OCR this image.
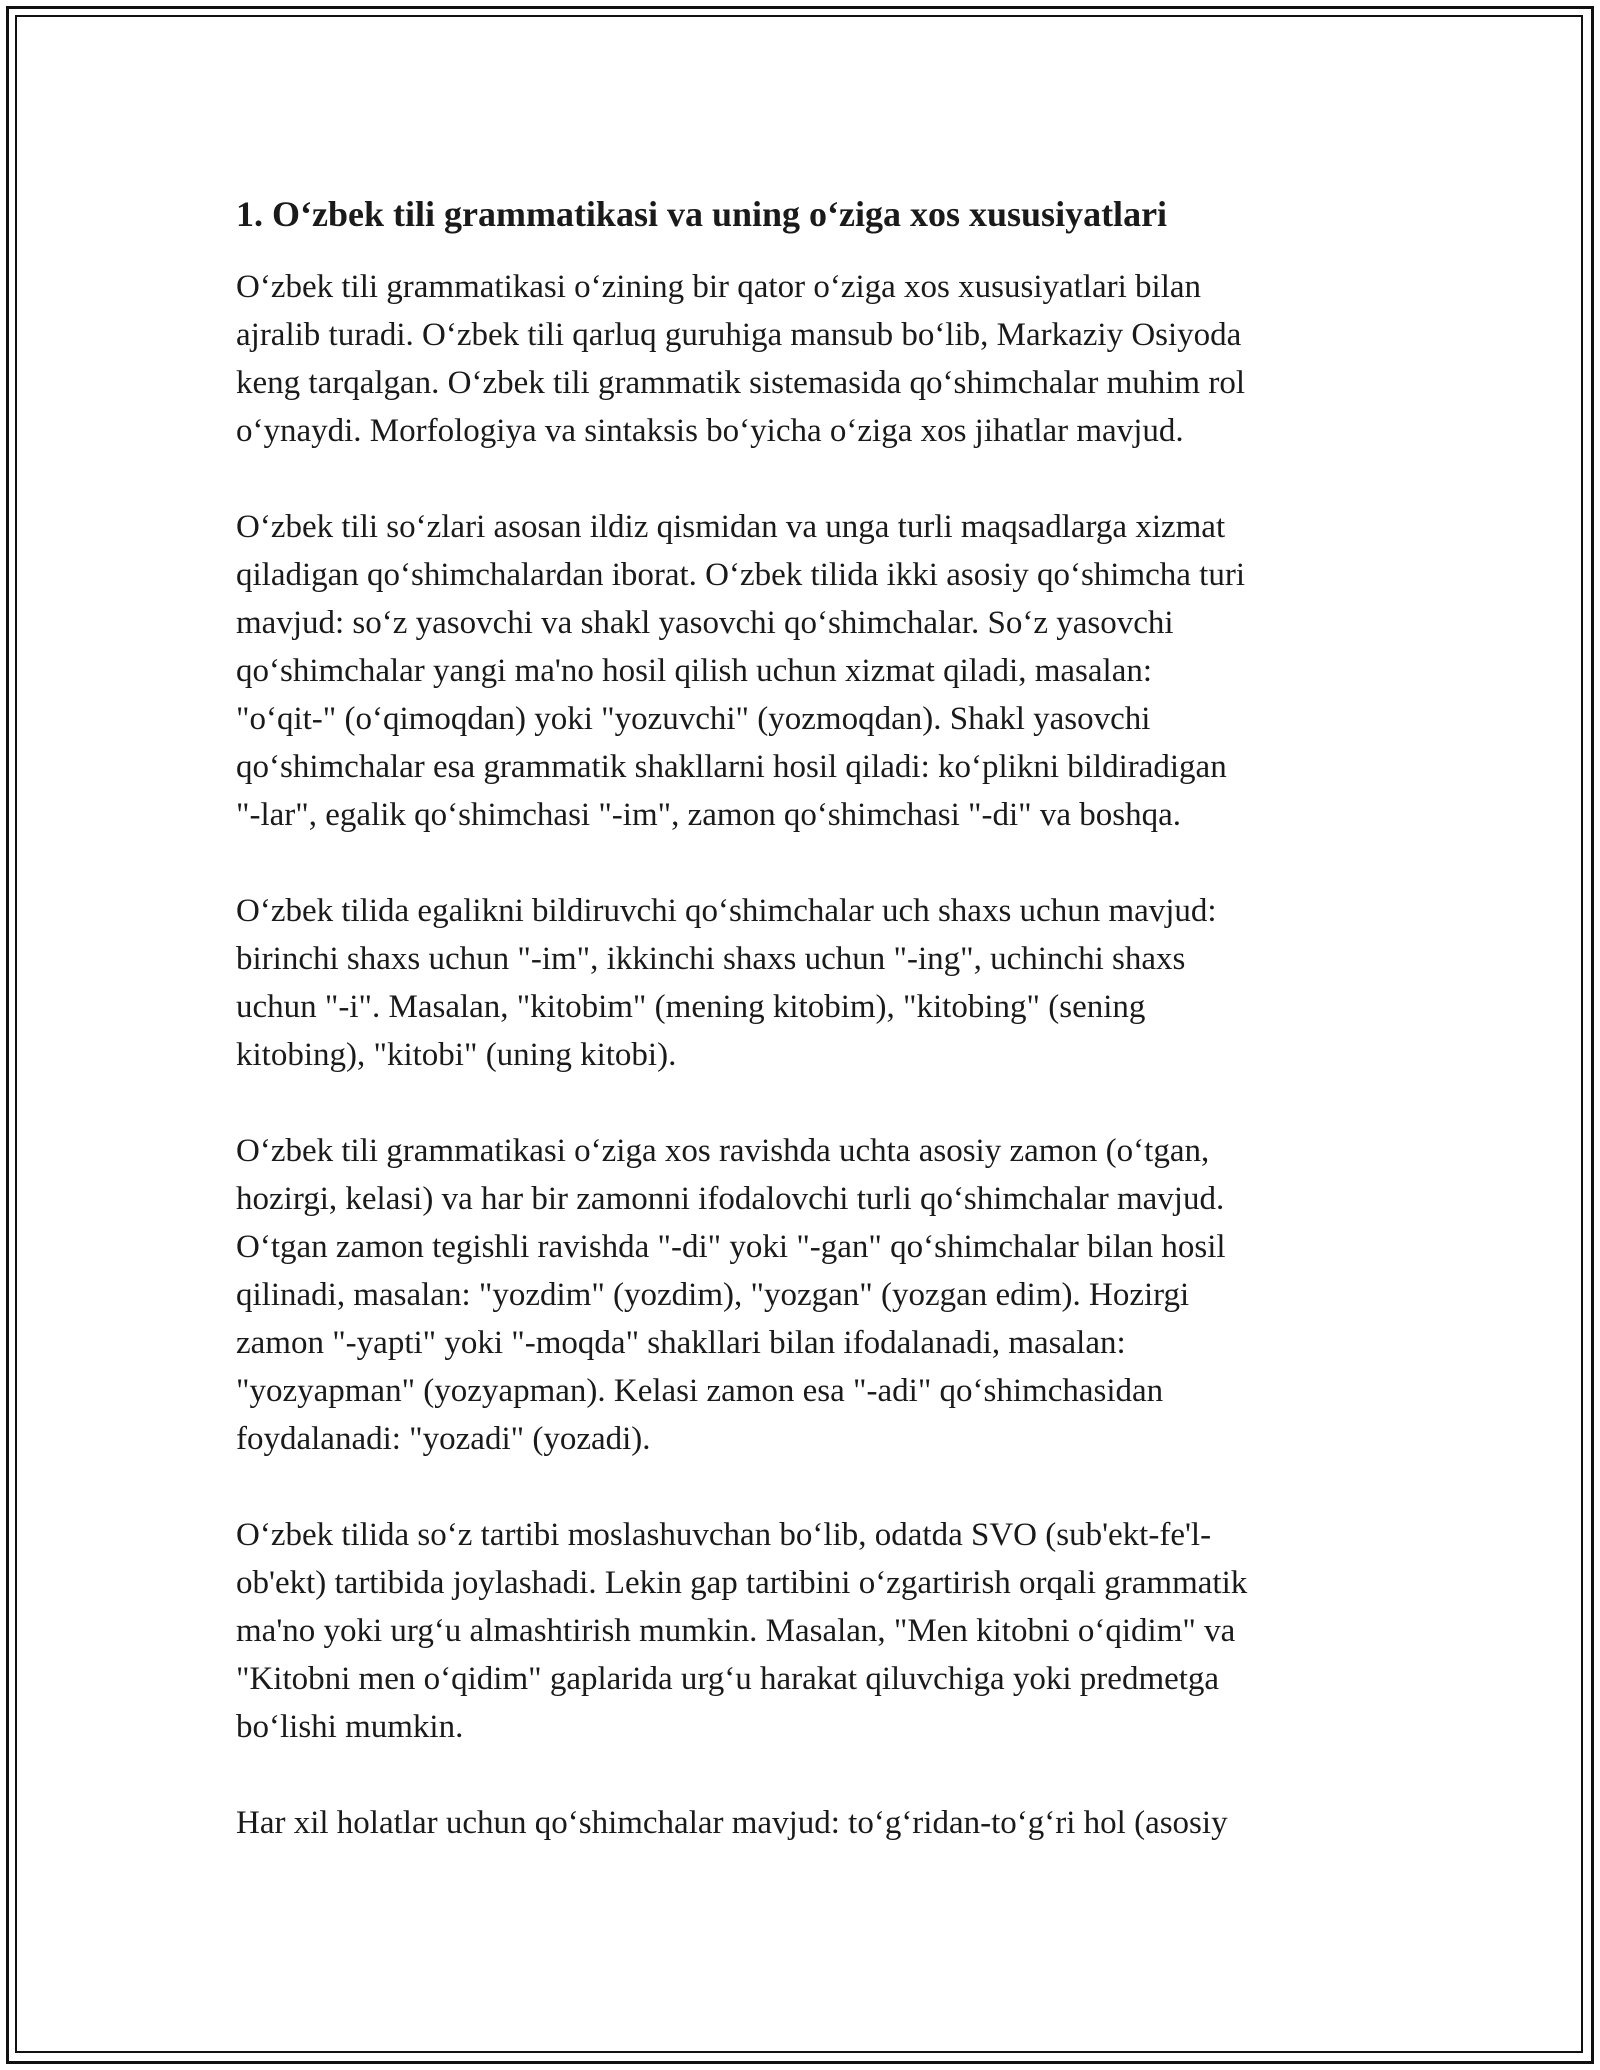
1. O‘zbek tili grammatikasi va uning o‘ziga xos xususiyatlari

O‘zbek tili grammatikasi o‘zining bir qator o‘ziga xos xususiyatlari bilan
ajralib turadi. O‘zbek tili qarluq guruhiga mansub bo‘lib, Markaziy Osiyoda
keng tarqalgan. O‘zbek tili grammatik sistemasida qo‘shimchalar muhim rol
o‘ynaydi. Morfologiya va sintaksis bo‘yicha o‘ziga xos jihatlar mavjud.

O‘zbek tili so‘zlari asosan ildiz qismidan va unga turli maqsadlarga xizmat
qiladigan qo‘shimchalardan iborat. O‘zbek tilida ikki asosiy qo‘shimcha turi
mavjud: so‘z yasovchi va shakl yasovchi qo‘shimchalar. So‘z yasovchi
qo‘shimchalar yangi ma'no hosil qilish uchun xizmat qiladi, masalan:
"o‘qit-" (o‘qimoqdan) yoki "yozuvchi" (yozmoqdan). Shakl yasovchi
qo‘shimchalar esa grammatik shakllarni hosil qiladi: ko‘plikni bildiradigan
"-lar", egalik qo‘shimchasi "-im", zamon qo‘shimchasi "-di" va boshqa.

O‘zbek tilida egalikni bildiruvchi qo‘shimchalar uch shaxs uchun mavjud:
birinchi shaxs uchun "-im", ikkinchi shaxs uchun "-ing", uchinchi shaxs
uchun "-i". Masalan, "kitobim" (mening kitobim), "kitobing" (sening
kitobing), "kitobi" (uning kitobi).

O‘zbek tili grammatikasi o‘ziga xos ravishda uchta asosiy zamon (o‘tgan,
hozirgi, kelasi) va har bir zamonni ifodalovchi turli qo‘shimchalar mavjud.
O‘tgan zamon tegishli ravishda "-di" yoki "-gan" qo‘shimchalar bilan hosil
qilinadi, masalan: "yozdim" (yozdim), "yozgan" (yozgan edim). Hozirgi
zamon "-yapti" yoki "-moqda" shakllari bilan ifodalanadi, masalan:
"yozyapman" (yozyapman). Kelasi zamon esa "-adi" qo‘shimchasidan
foydalanadi: "yozadi" (yozadi).

O‘zbek tilida so‘z tartibi moslashuvchan bo‘lib, odatda SVO (sub'ekt-fe'l-
ob'ekt) tartibida joylashadi. Lekin gap tartibini o‘zgartirish orqali grammatik
ma'no yoki urg‘u almashtirish mumkin. Masalan, "Men kitobni o‘qidim" va
"Kitobni men o‘qidim" gaplarida urg‘u harakat qiluvchiga yoki predmetga
bo‘lishi mumkin.

Har xil holatlar uchun qo‘shimchalar mavjud: to‘g‘ridan-to‘g‘ri hol (asosiy
